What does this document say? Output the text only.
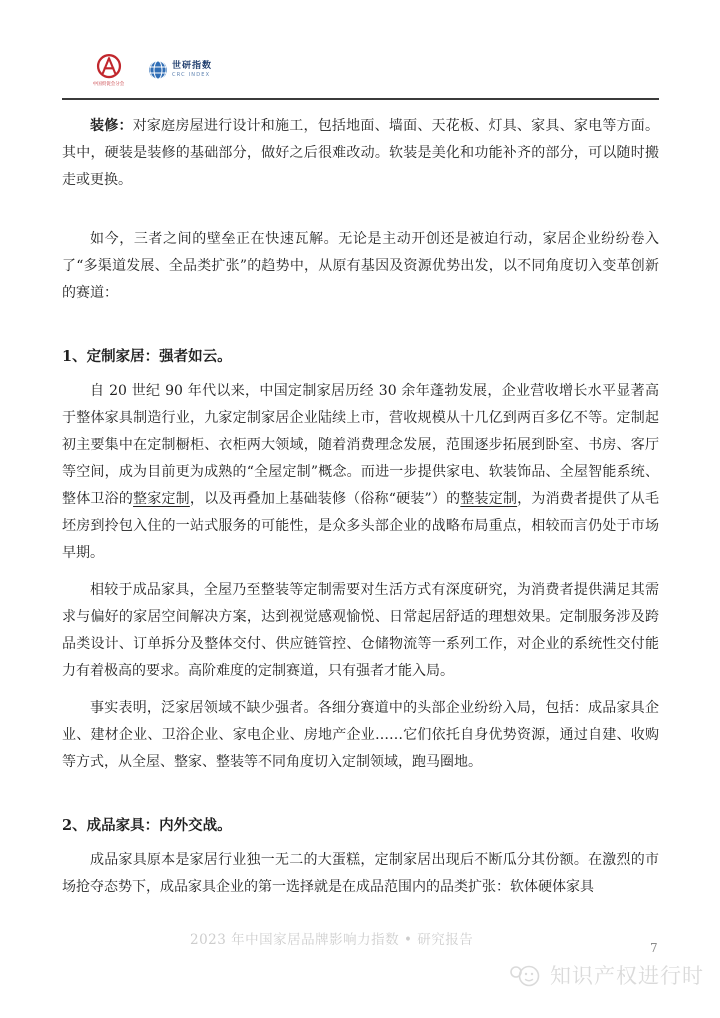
中国贸促会分会
世研指数
CRC INDEX

装修：对家庭房屋进行设计和施工，包括地面、墙面、天花板、灯具、家具、家电等方面。其中，硬装是装修的基础部分，做好之后很难改动。软装是美化和功能补齐的部分，可以随时搬走或更换。

如今，三者之间的壁垒正在快速瓦解。无论是主动开创还是被迫行动，家居企业纷纷卷入了“多渠道发展、全品类扩张”的趋势中，从原有基因及资源优势出发，以不同角度切入变革创新的赛道：

1、定制家居：强者如云。

自 20 世纪 90 年代以来，中国定制家居历经 30 余年蓬勃发展，企业营收增长水平显著高于整体家具制造行业，九家定制家居企业陆续上市，营收规模从十几亿到两百多亿不等。定制起初主要集中在定制橱柜、衣柜两大领域，随着消费理念发展，范围逐步拓展到卧室、书房、客厅等空间，成为目前更为成熟的“全屋定制”概念。而进一步提供家电、软装饰品、全屋智能系统、整体卫浴的整家定制，以及再叠加上基础装修（俗称“硬装”）的整装定制，为消费者提供了从毛坯房到拎包入住的一站式服务的可能性，是众多头部企业的战略布局重点，相较而言仍处于市场早期。

相较于成品家具，全屋乃至整装等定制需要对生活方式有深度研究，为消费者提供满足其需求与偏好的家居空间解决方案，达到视觉感观愉悦、日常起居舒适的理想效果。定制服务涉及跨品类设计、订单拆分及整体交付、供应链管控、仓储物流等一系列工作，对企业的系统性交付能力有着极高的要求。高阶难度的定制赛道，只有强者才能入局。

事实表明，泛家居领域不缺少强者。各细分赛道中的头部企业纷纷入局，包括：成品家具企业、建材企业、卫浴企业、家电企业、房地产企业……它们依托自身优势资源，通过自建、收购等方式，从全屋、整家、整装等不同角度切入定制领域，跑马圈地。

2、成品家具：内外交战。

成品家具原本是家居行业独一无二的大蛋糕，定制家居出现后不断瓜分其份额。在激烈的市场抢夺态势下，成品家具企业的第一选择就是在成品范围内的品类扩张：软体硬体家具

2023 年中国家居品牌影响力指数 • 研究报告	7
知识产权进行时
